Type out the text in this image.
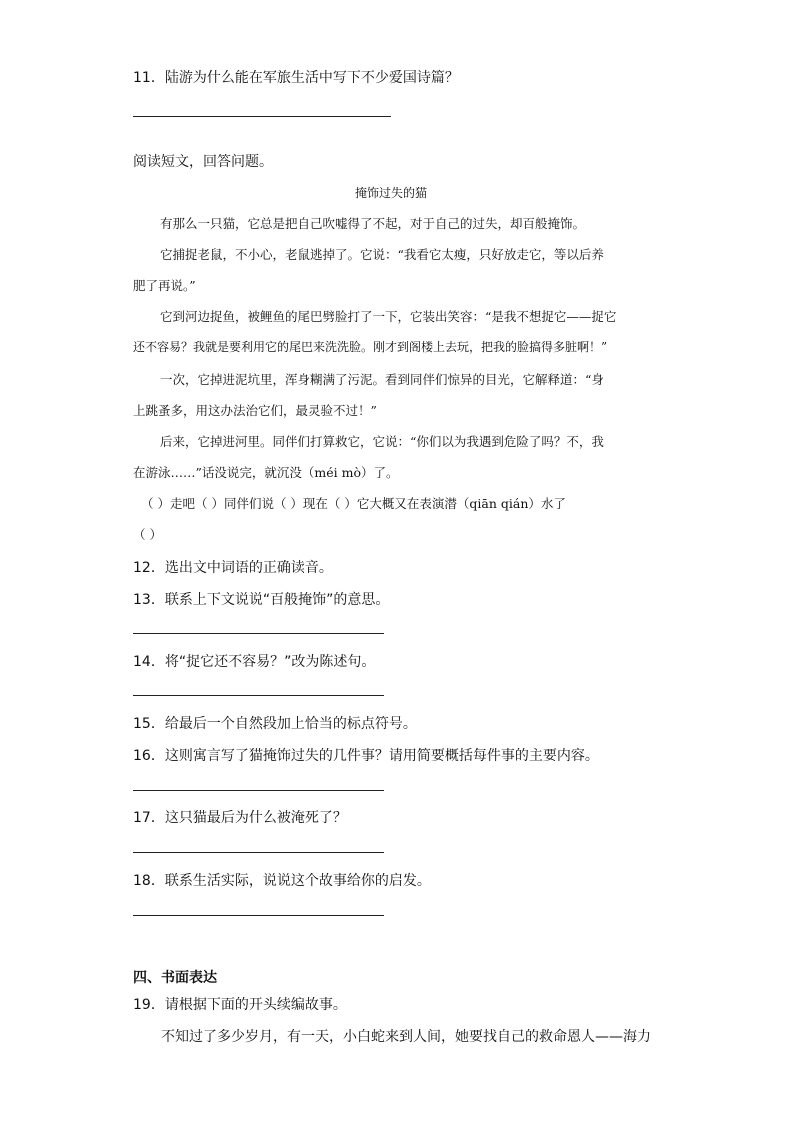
11．陆游为什么能在军旅生活中写下不少爱国诗篇？
阅读短文，回答问题。
掩饰过失的猫
有那么一只猫，它总是把自己吹嘘得了不起，对于自己的过失，却百般掩饰。
它捕捉老鼠，不小心，老鼠逃掉了。它说：“我看它太瘦，只好放走它，等以后养
肥了再说。”
它到河边捉鱼，被鲤鱼的尾巴劈脸打了一下，它装出笑容：“是我不想捉它——捉它
还不容易？我就是要利用它的尾巴来洗洗脸。刚才到阁楼上去玩，把我的脸搞得多脏啊！”
一次，它掉进泥坑里，浑身糊满了污泥。看到同伴们惊异的目光，它解释道：“身
上跳蚤多，用这办法治它们，最灵验不过！”
后来，它掉进河里。同伴们打算救它，它说：“你们以为我遇到危险了吗？不，我
在游泳……”话没说完，就沉没（méi mò）了。
（ ）走吧（ ）同伴们说（ ）现在（ ）它大概又在表演潜（qiān qián）水了
（ ）
12．选出文中词语的正确读音。
13．联系上下文说说“百般掩饰”的意思。
14．将“捉它还不容易？”改为陈述句。
15．给最后一个自然段加上恰当的标点符号。
16．这则寓言写了猫掩饰过失的几件事？请用简要概括每件事的主要内容。
17．这只猫最后为什么被淹死了？
18．联系生活实际，说说这个故事给你的启发。
四、书面表达
19．请根据下面的开头续编故事。
不知过了多少岁月，有一天，小白蛇来到人间，她要找自己的救命恩人——海力
